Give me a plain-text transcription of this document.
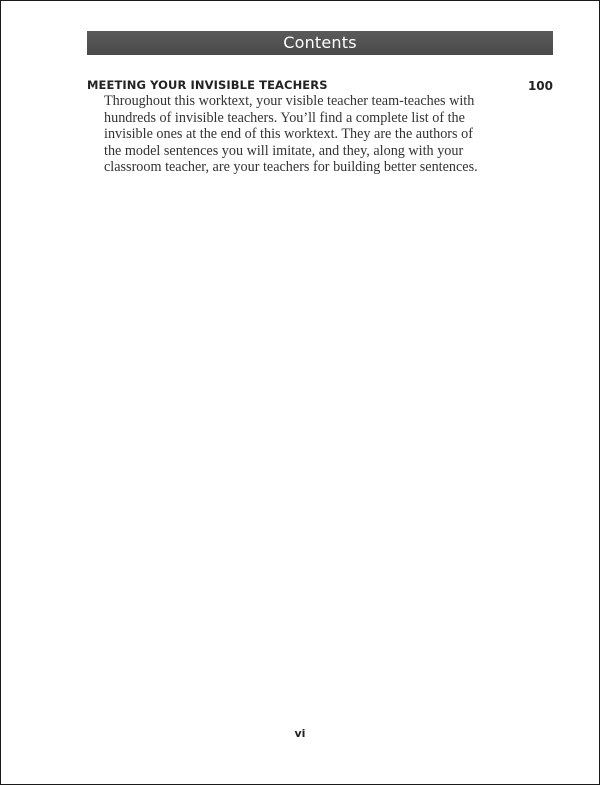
Contents
MEETING YOUR INVISIBLE TEACHERS	100

Throughout this worktext, your visible teacher team-teaches with
hundreds of invisible teachers. You’ll find a complete list of the
invisible ones at the end of this worktext. They are the authors of
the model sentences you will imitate, and they, along with your
classroom teacher, are your teachers for building better sentences.

vi
